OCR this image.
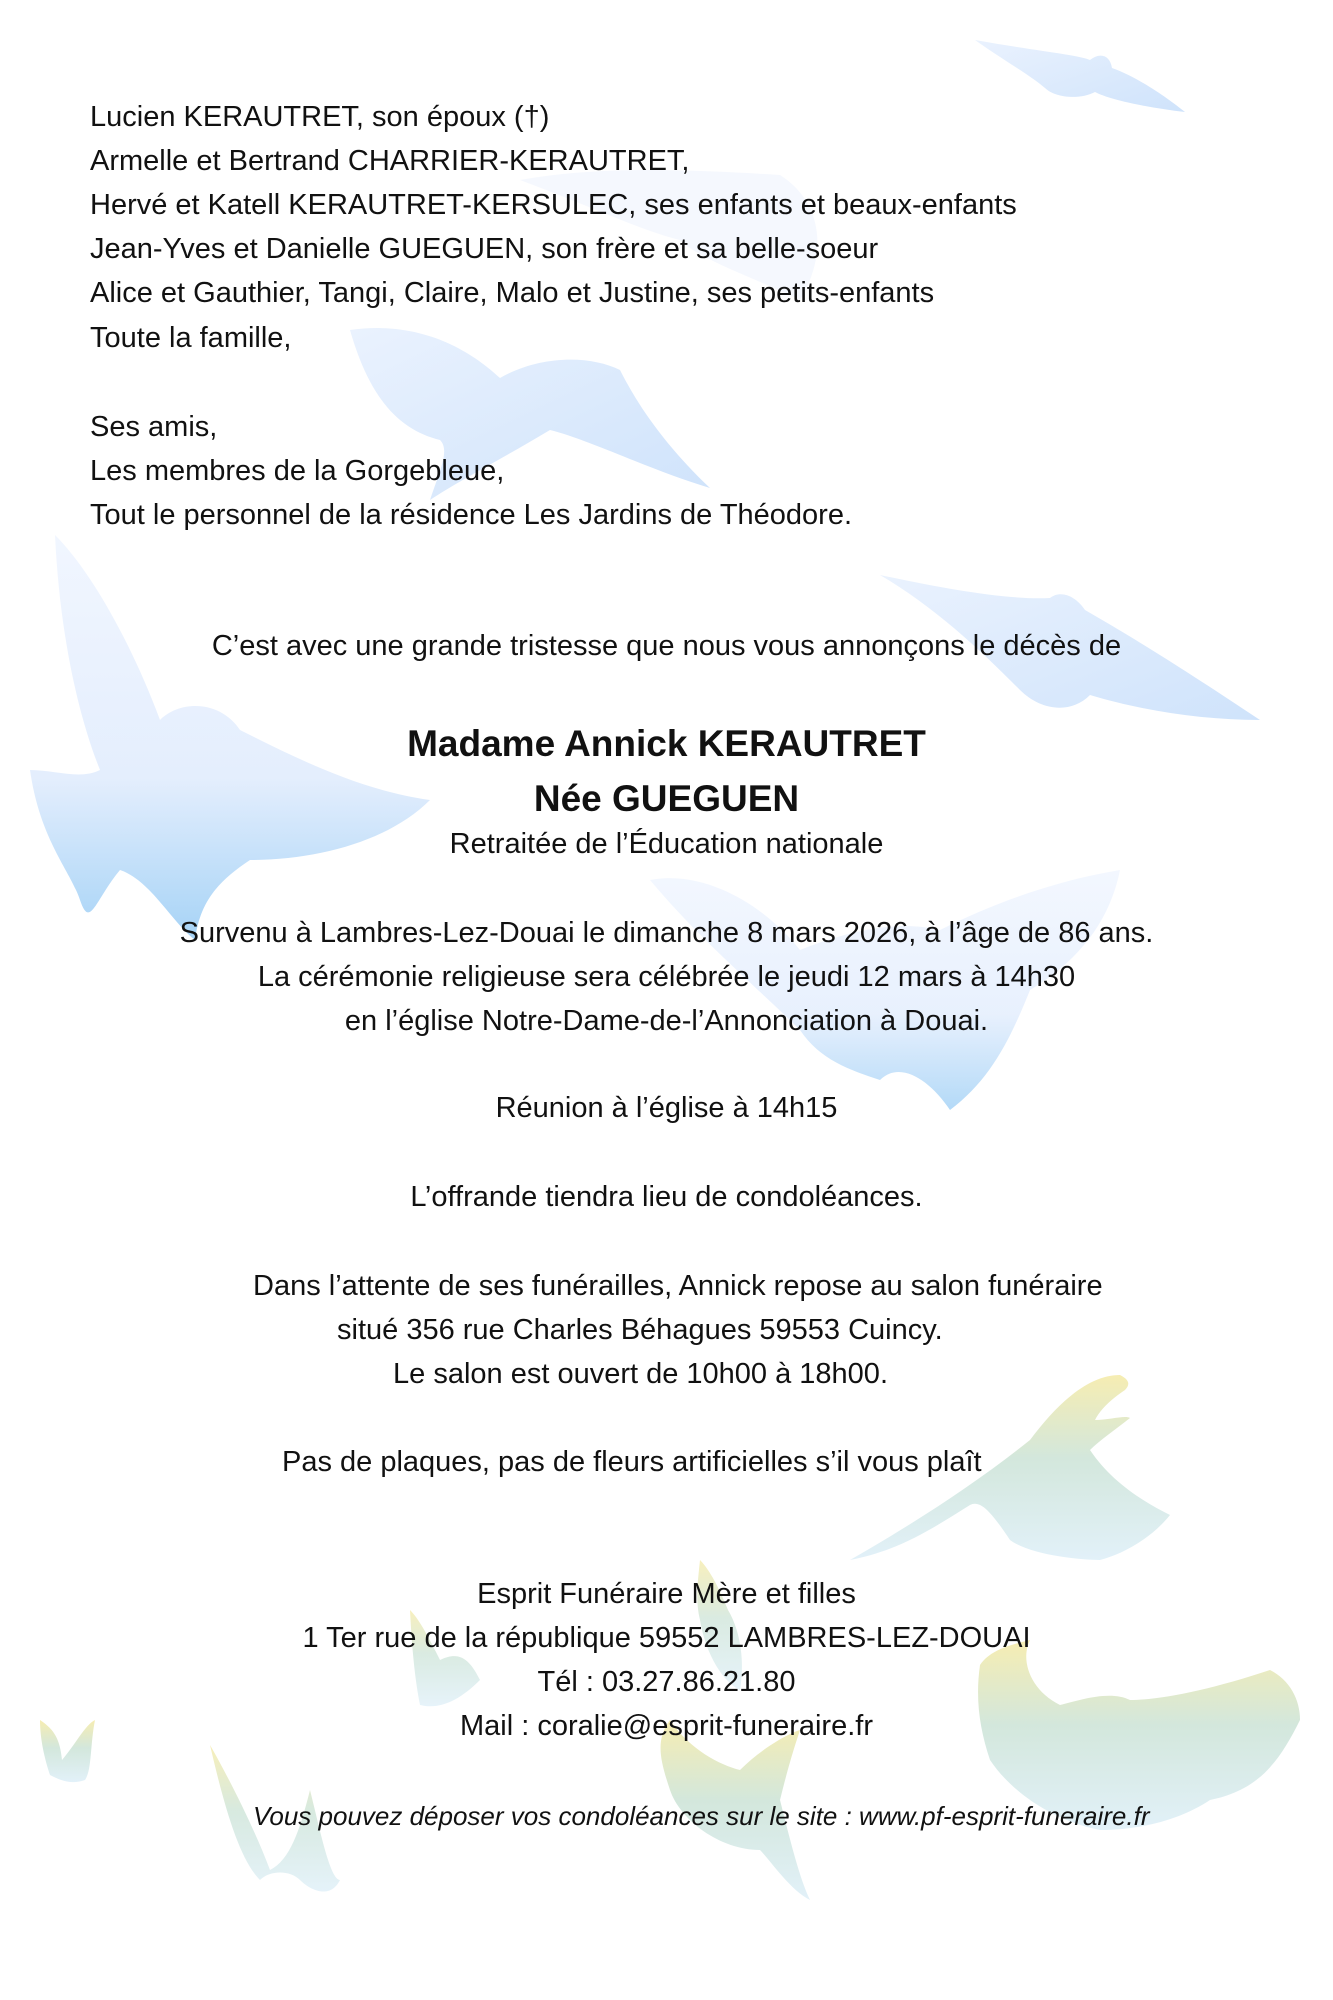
Lucien KERAUTRET, son époux (†)
Armelle et Bertrand CHARRIER-KERAUTRET,
Hervé et Katell KERAUTRET-KERSULEC, ses enfants et beaux-enfants
Jean-Yves et Danielle GUEGUEN, son frère et sa belle-soeur
Alice et Gauthier, Tangi, Claire, Malo et Justine, ses petits-enfants
Toute la famille,
Ses amis,
Les membres de la Gorgebleue,
Tout le personnel de la résidence Les Jardins de Théodore.
C’est avec une grande tristesse que nous vous annonçons le décès de
Madame Annick KERAUTRET
Née GUEGUEN
Retraitée de l’Éducation nationale
Survenu à Lambres-Lez-Douai le dimanche 8 mars 2026, à l’âge de 86 ans.
La cérémonie religieuse sera célébrée le jeudi 12 mars à 14h30
en l’église Notre-Dame-de-l’Annonciation à Douai.
Réunion à l’église à 14h15
L’offrande tiendra lieu de condoléances.
Dans l’attente de ses funérailles, Annick repose au salon funéraire
situé 356 rue Charles Béhagues 59553 Cuincy.
Le salon est ouvert de 10h00 à 18h00.
Pas de plaques, pas de fleurs artificielles s’il vous plaît
Esprit Funéraire Mère et filles
1 Ter rue de la république 59552 LAMBRES-LEZ-DOUAI
Tél : 03.27.86.21.80
Mail : coralie@esprit-funeraire.fr
Vous pouvez déposer vos condoléances sur le site : www.pf-esprit-funeraire.fr
